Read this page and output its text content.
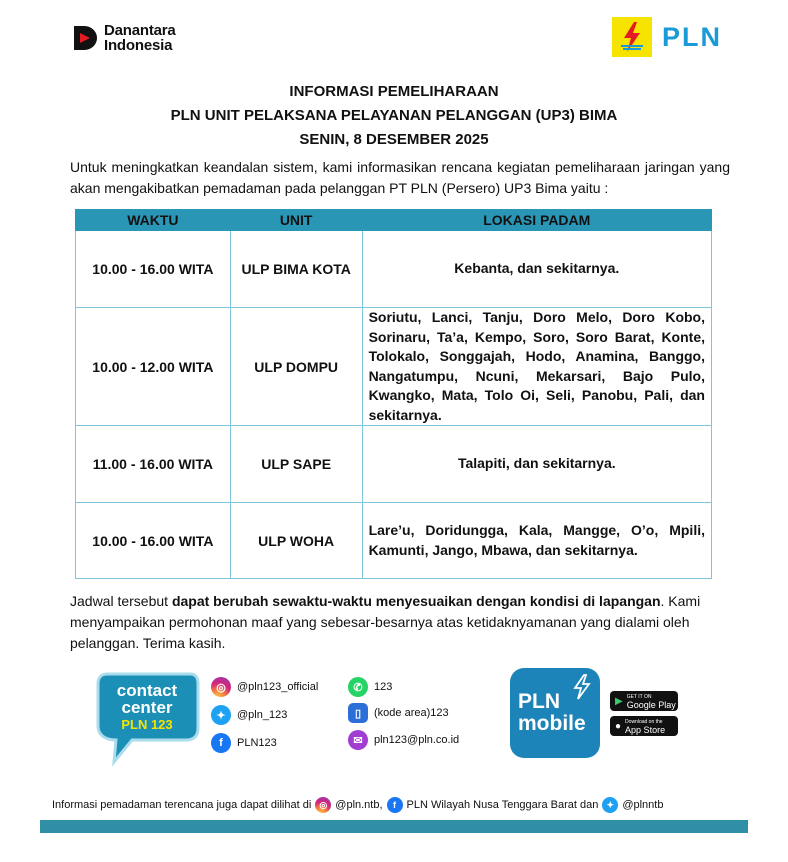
Danantara
Indonesia	PLN
INFORMASI PEMELIHARAAN
PLN UNIT PELAKSANA PELAYANAN PELANGGAN (UP3) BIMA
SENIN, 8 DESEMBER 2025

Untuk meningkatkan keandalan sistem, kami informasikan rencana kegiatan pemeliharaan jaringan yang akan mengakibatkan pemadaman pada pelanggan PT PLN (Persero) UP3 Bima yaitu :

WAKTU	UNIT	LOKASI PADAM
10.00 - 16.00 WITA	ULP BIMA KOTA	Kebanta, dan sekitarnya.
10.00 - 12.00 WITA	ULP DOMPU	Soriutu, Lanci, Tanju, Doro Melo, Doro Kobo, Sorinaru, Ta’a, Kempo, Soro, Soro Barat, Konte, Tolokalo, Songgajah, Hodo, Anamina, Banggo, Nangatumpu, Ncuni, Mekarsari, Bajo Pulo, Kwangko, Mata, Tolo Oi, Seli, Panobu, Pali, dan sekitarnya.
11.00 - 16.00 WITA	ULP SAPE	Talapiti, dan sekitarnya.
10.00 - 16.00 WITA	ULP WOHA	Lare’u, Doridungga, Kala, Mangge, O’o, Mpili, Kamunti, Jango, Mbawa, dan sekitarnya.

Jadwal tersebut dapat berubah sewaktu-waktu menyesuaikan dengan kondisi di lapangan. Kami menyampaikan permohonan maaf yang sebesar-besarnya atas ketidaknyamanan yang dialami oleh pelanggan. Terima kasih.

contact
center
PLN 123
◎	@pln123_official
✦	@pln_123
f	PLN123
✆	123
▯	(kode area)123
✉	pln123@pln.co.id
PLN
mobile
▶ GET IT ON
Google Play
● Download on the
App Store
Informasi pemadaman terencana juga dapat dilihat di ◎ @pln.ntb,	f PLN Wilayah Nusa Tenggara Barat dan ✦ @plnntb
